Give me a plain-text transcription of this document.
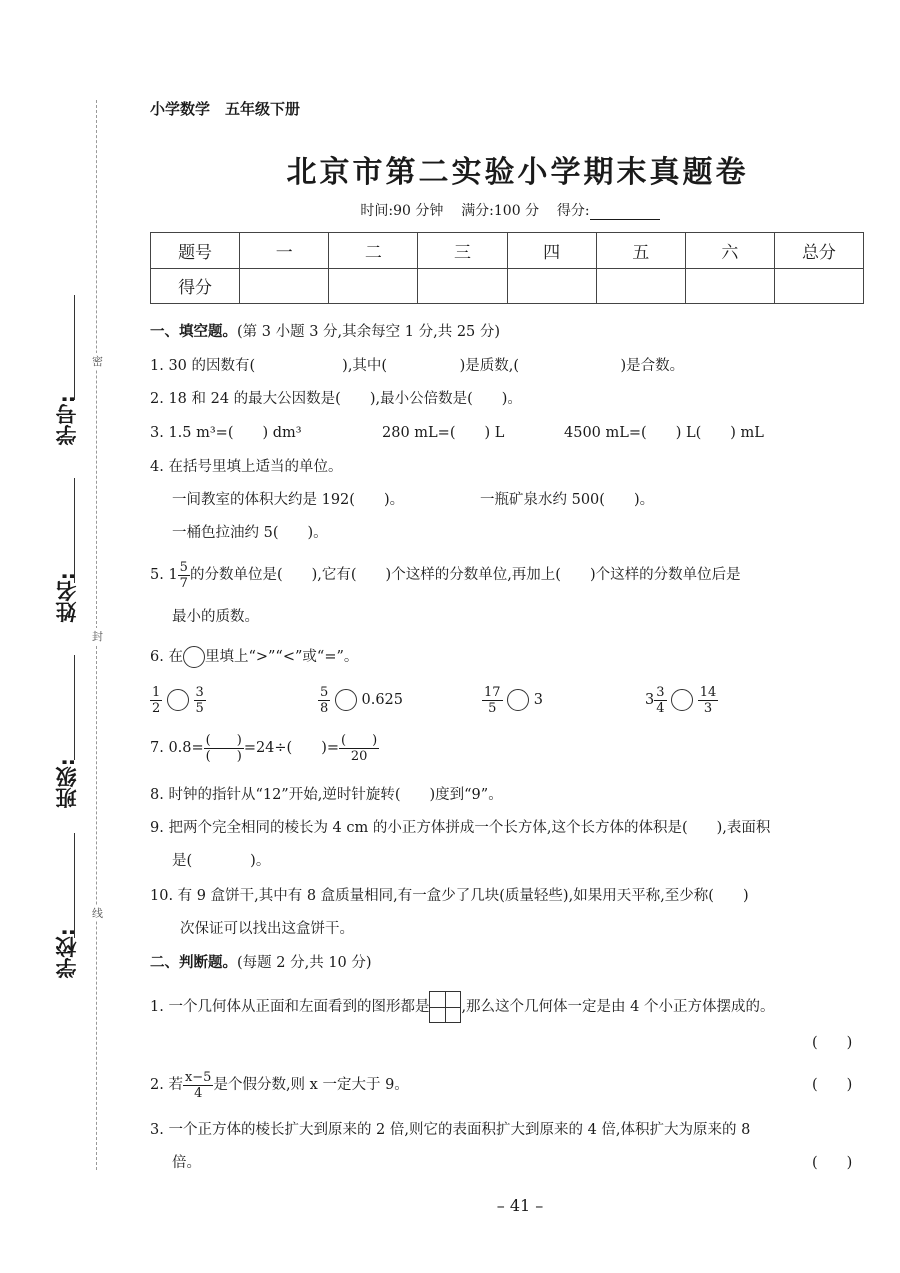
小学数学　五年级下册
北京市第二实验小学期末真题卷
时间:90 分钟 满分:100 分 得分:
题号	一	二	三	四	五	六	总分
得分							
密
封
线
学号:
姓名:
班级:
学校:
一、填空题。(第 3 小题 3 分,其余每空 1 分,共 25 分)
1. 30 的因数有(　　　　　　),其中(　　　　　)是质数,(　　　　　　　)是合数。
2. 18 和 24 的最大公因数是(　　),最小公倍数是(　　)。
3. 1.5 m³=(　　) dm³	280 mL=(　　) L	4500 mL=(　　) L(　　) mL
4. 在括号里填上适当的单位。
一间教室的体积大约是 192(　　)。	一瓶矿泉水约 500(　　)。
一桶色拉油约 5(　　)。
5. $1 \frac{5}{7}$ 的分数单位是(　　),它有(　　)个这样的分数单位,再加上(　　)个这样的分数单位后是
最小的质数。
6. 在 里填上“>”“<”或“=”。
$\frac{1}{2}$
$\frac{3}{5}$	$\frac{5}{8} 0.625$	$\frac{17}{5} 3$	$3 \frac{3}{4}$
$\frac{14}{3}$
7. $0.8= \frac{( )}{( )} =24\div$(　　)= $\frac{( )}{20}$
8. 时钟的指针从“12”开始,逆时针旋转(　　)度到“9”。
9. 把两个完全相同的棱长为 4 cm 的小正方体拼成一个长方体,这个长方体的体积是(　　),表面积
是(　　　　)。
10. 有 9 盒饼干,其中有 8 盒质量相同,有一盒少了几块(质量轻些),如果用天平称,至少称(　　)
次保证可以找出这盒饼干。
二、判断题。(每题 2 分,共 10 分)
1. 一个几何体从正面和左面看到的图形都是 ,那么这个几何体一定是由 4 个小正方体摆成的。
(　　)
2. 若 $\frac{x-5}{4}$ 是个假分数,则 x 一定大于 9。	(　　)
3. 一个正方体的棱长扩大到原来的 2 倍,则它的表面积扩大到原来的 4 倍,体积扩大为原来的 8
倍。	(　　)
– 41 –
